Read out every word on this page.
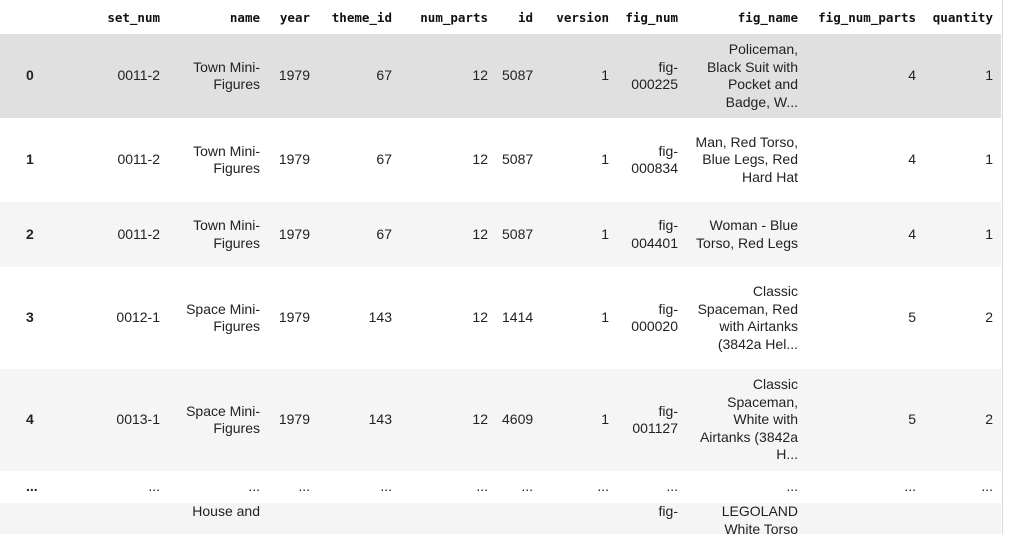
	set_num	name	year	theme_id	num_parts	id	version	fig_num	fig_name	fig_num_parts	quantity
0	0011-2	Town Mini-Figures	1979	67	12	5087	1	fig-000225	Policeman, Black Suit with Pocket and Badge, W...	4	1
1	0011-2	Town Mini-Figures	1979	67	12	5087	1	fig-000834	Man, Red Torso, Blue Legs, Red Hard Hat	4	1
2	0011-2	Town Mini-Figures	1979	67	12	5087	1	fig-004401	Woman - Blue Torso, Red Legs	4	1
3	0012-1	Space Mini-Figures	1979	143	12	1414	1	fig-000020	Classic Spaceman, Red with Airtanks (3842a Hel...	5	2
4	0013-1	Space Mini-Figures	1979	143	12	4609	1	fig-001127	Classic Spaceman, White with Airtanks (3842a H...	5	2
...	...	...	...	...	...	...	...	...	...	...	...
		House and						fig-	LEGOLAND White Torso		
